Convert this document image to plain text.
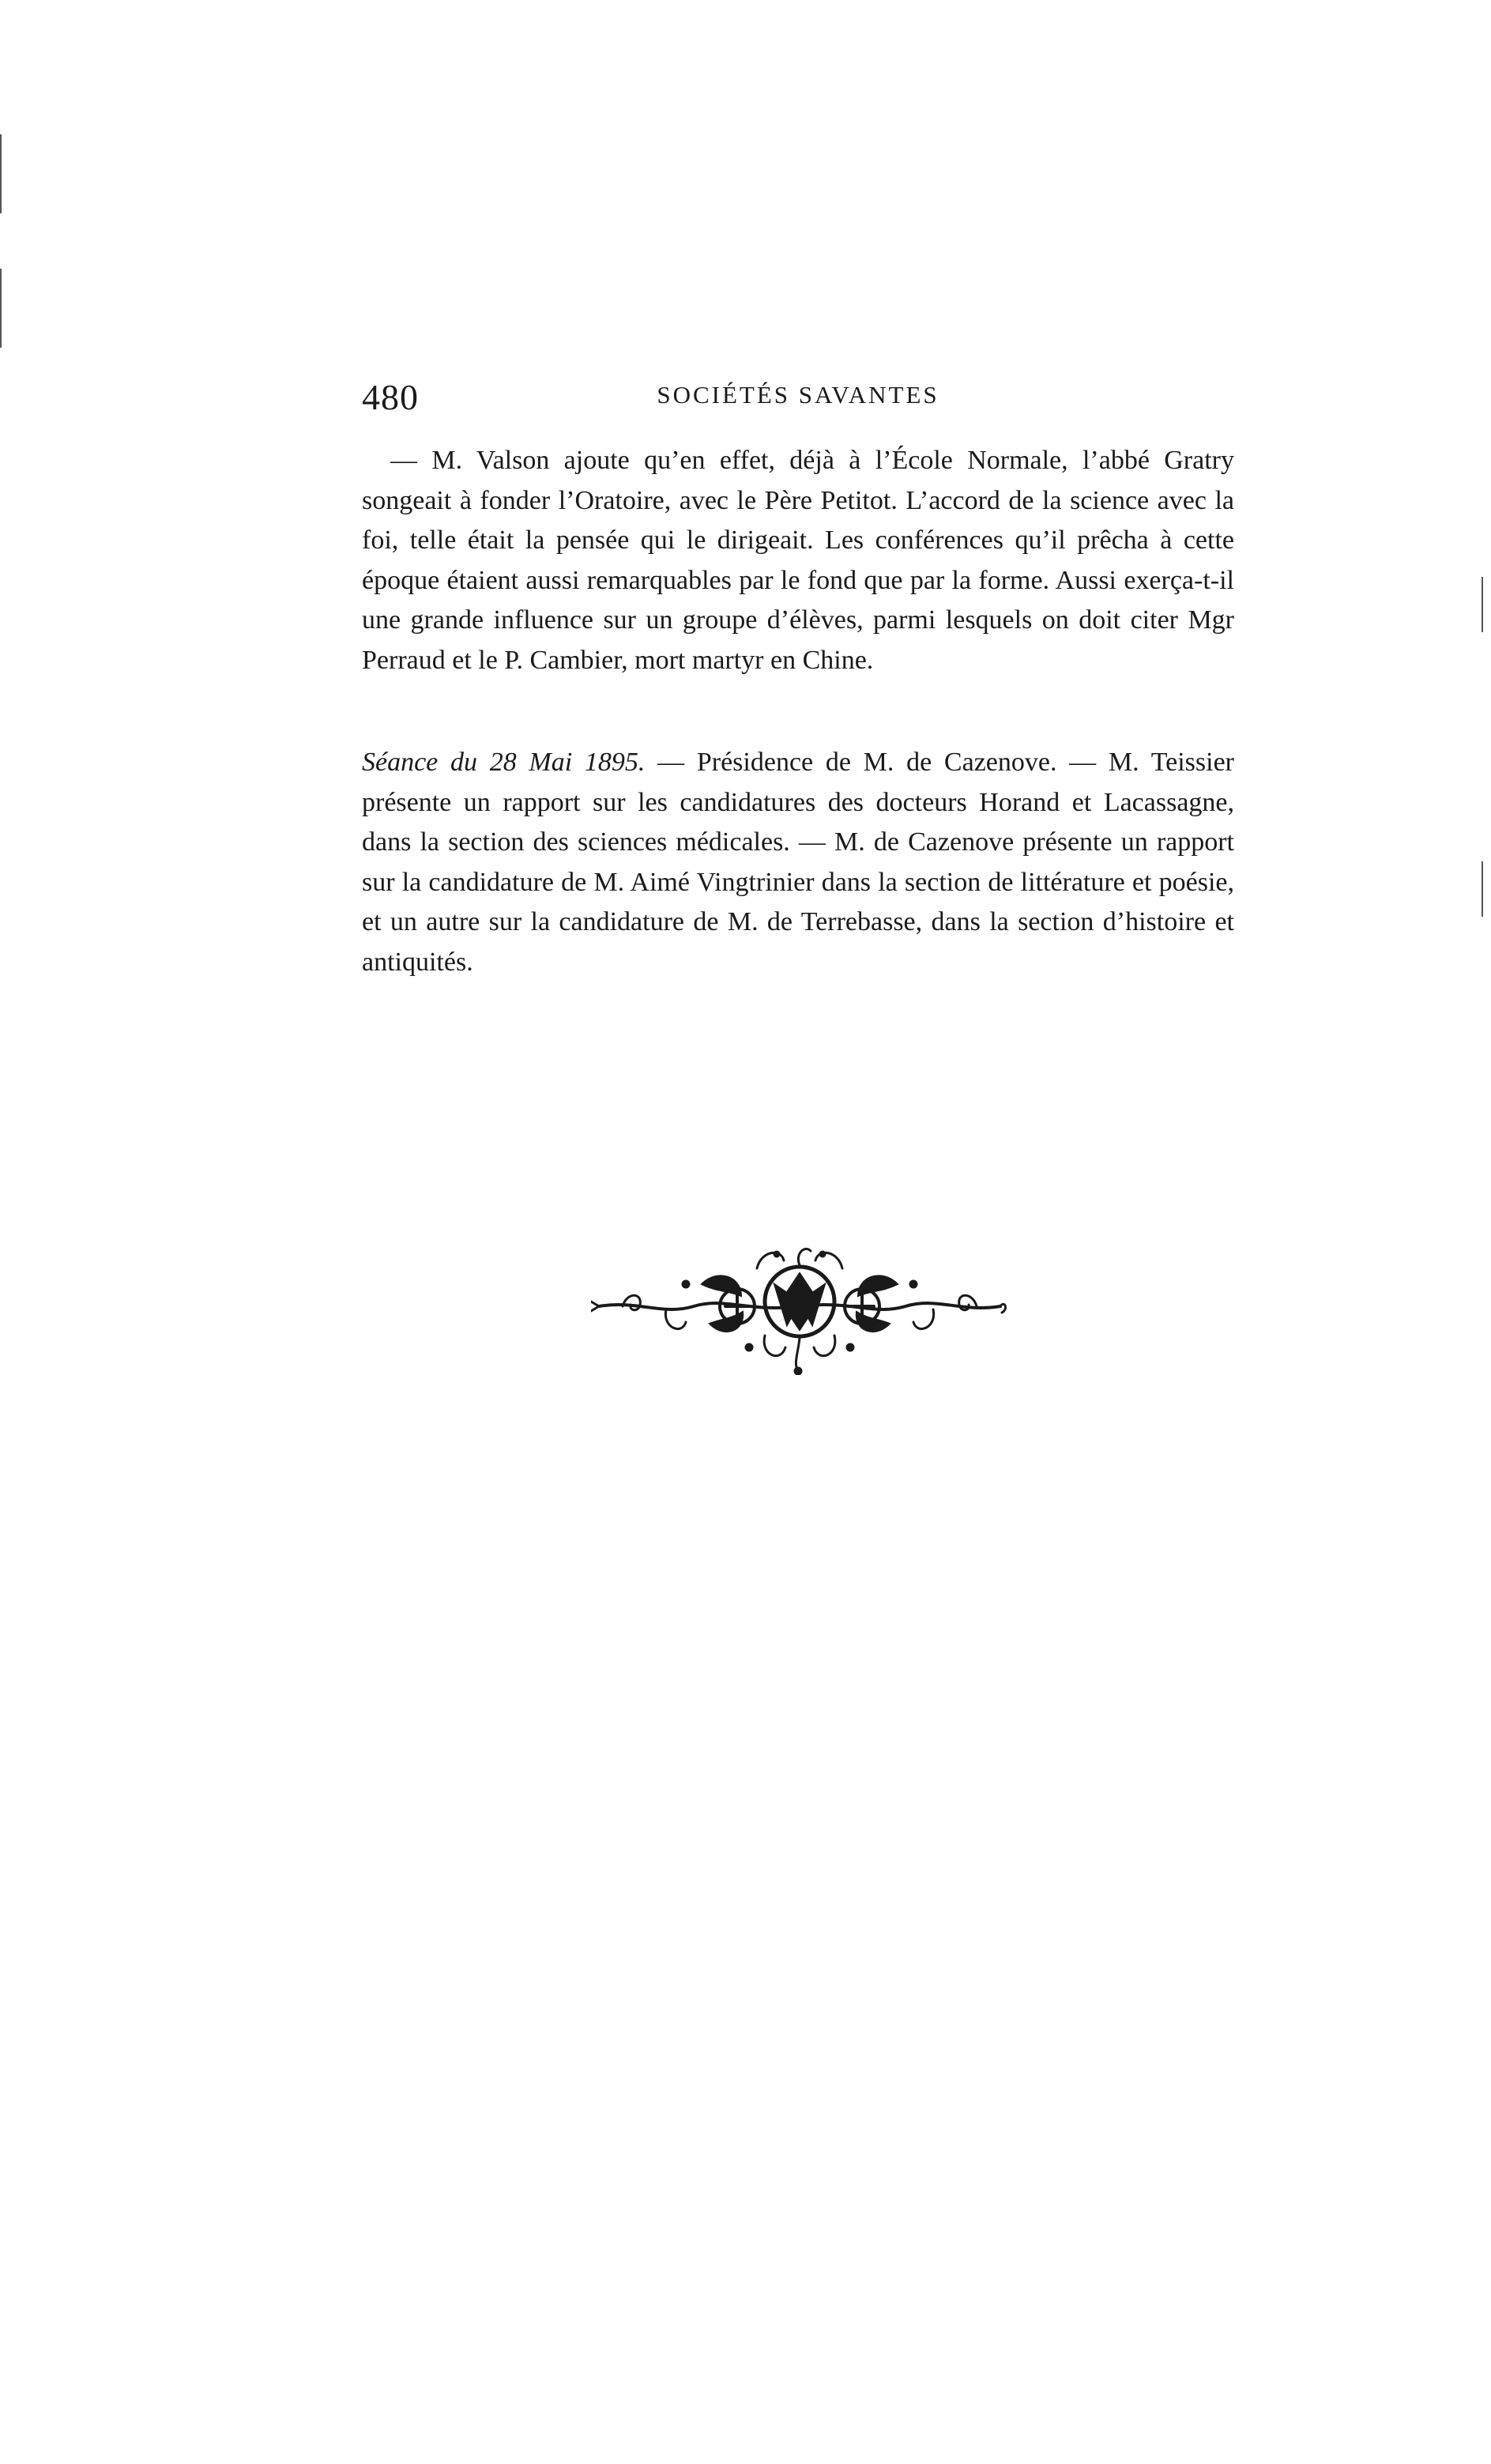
480	SOCIÉTÉS SAVANTES

— M. Valson ajoute qu’en effet, déjà à l’École Normale, l’abbé Gratry songeait à fonder l’Oratoire, avec le Père Petitot. L’accord de la science avec la foi, telle était la pensée qui le dirigeait. Les conférences qu’il prêcha à cette époque étaient aussi remarquables par le fond que par la forme. Aussi exerça-t-il une grande influence sur un groupe d’élèves, parmi lesquels on doit citer Mgr Perraud et le P. Cambier, mort martyr en Chine.

Séance du 28 Mai 1895. — Présidence de M. de Cazenove. — M. Teissier présente un rapport sur les candidatures des docteurs Horand et Lacassagne, dans la section des sciences médicales. — M. de Cazenove présente un rapport sur la candidature de M. Aimé Vingtrinier dans la section de littérature et poésie, et un autre sur la candidature de M. de Terrebasse, dans la section d’histoire et antiquités.
